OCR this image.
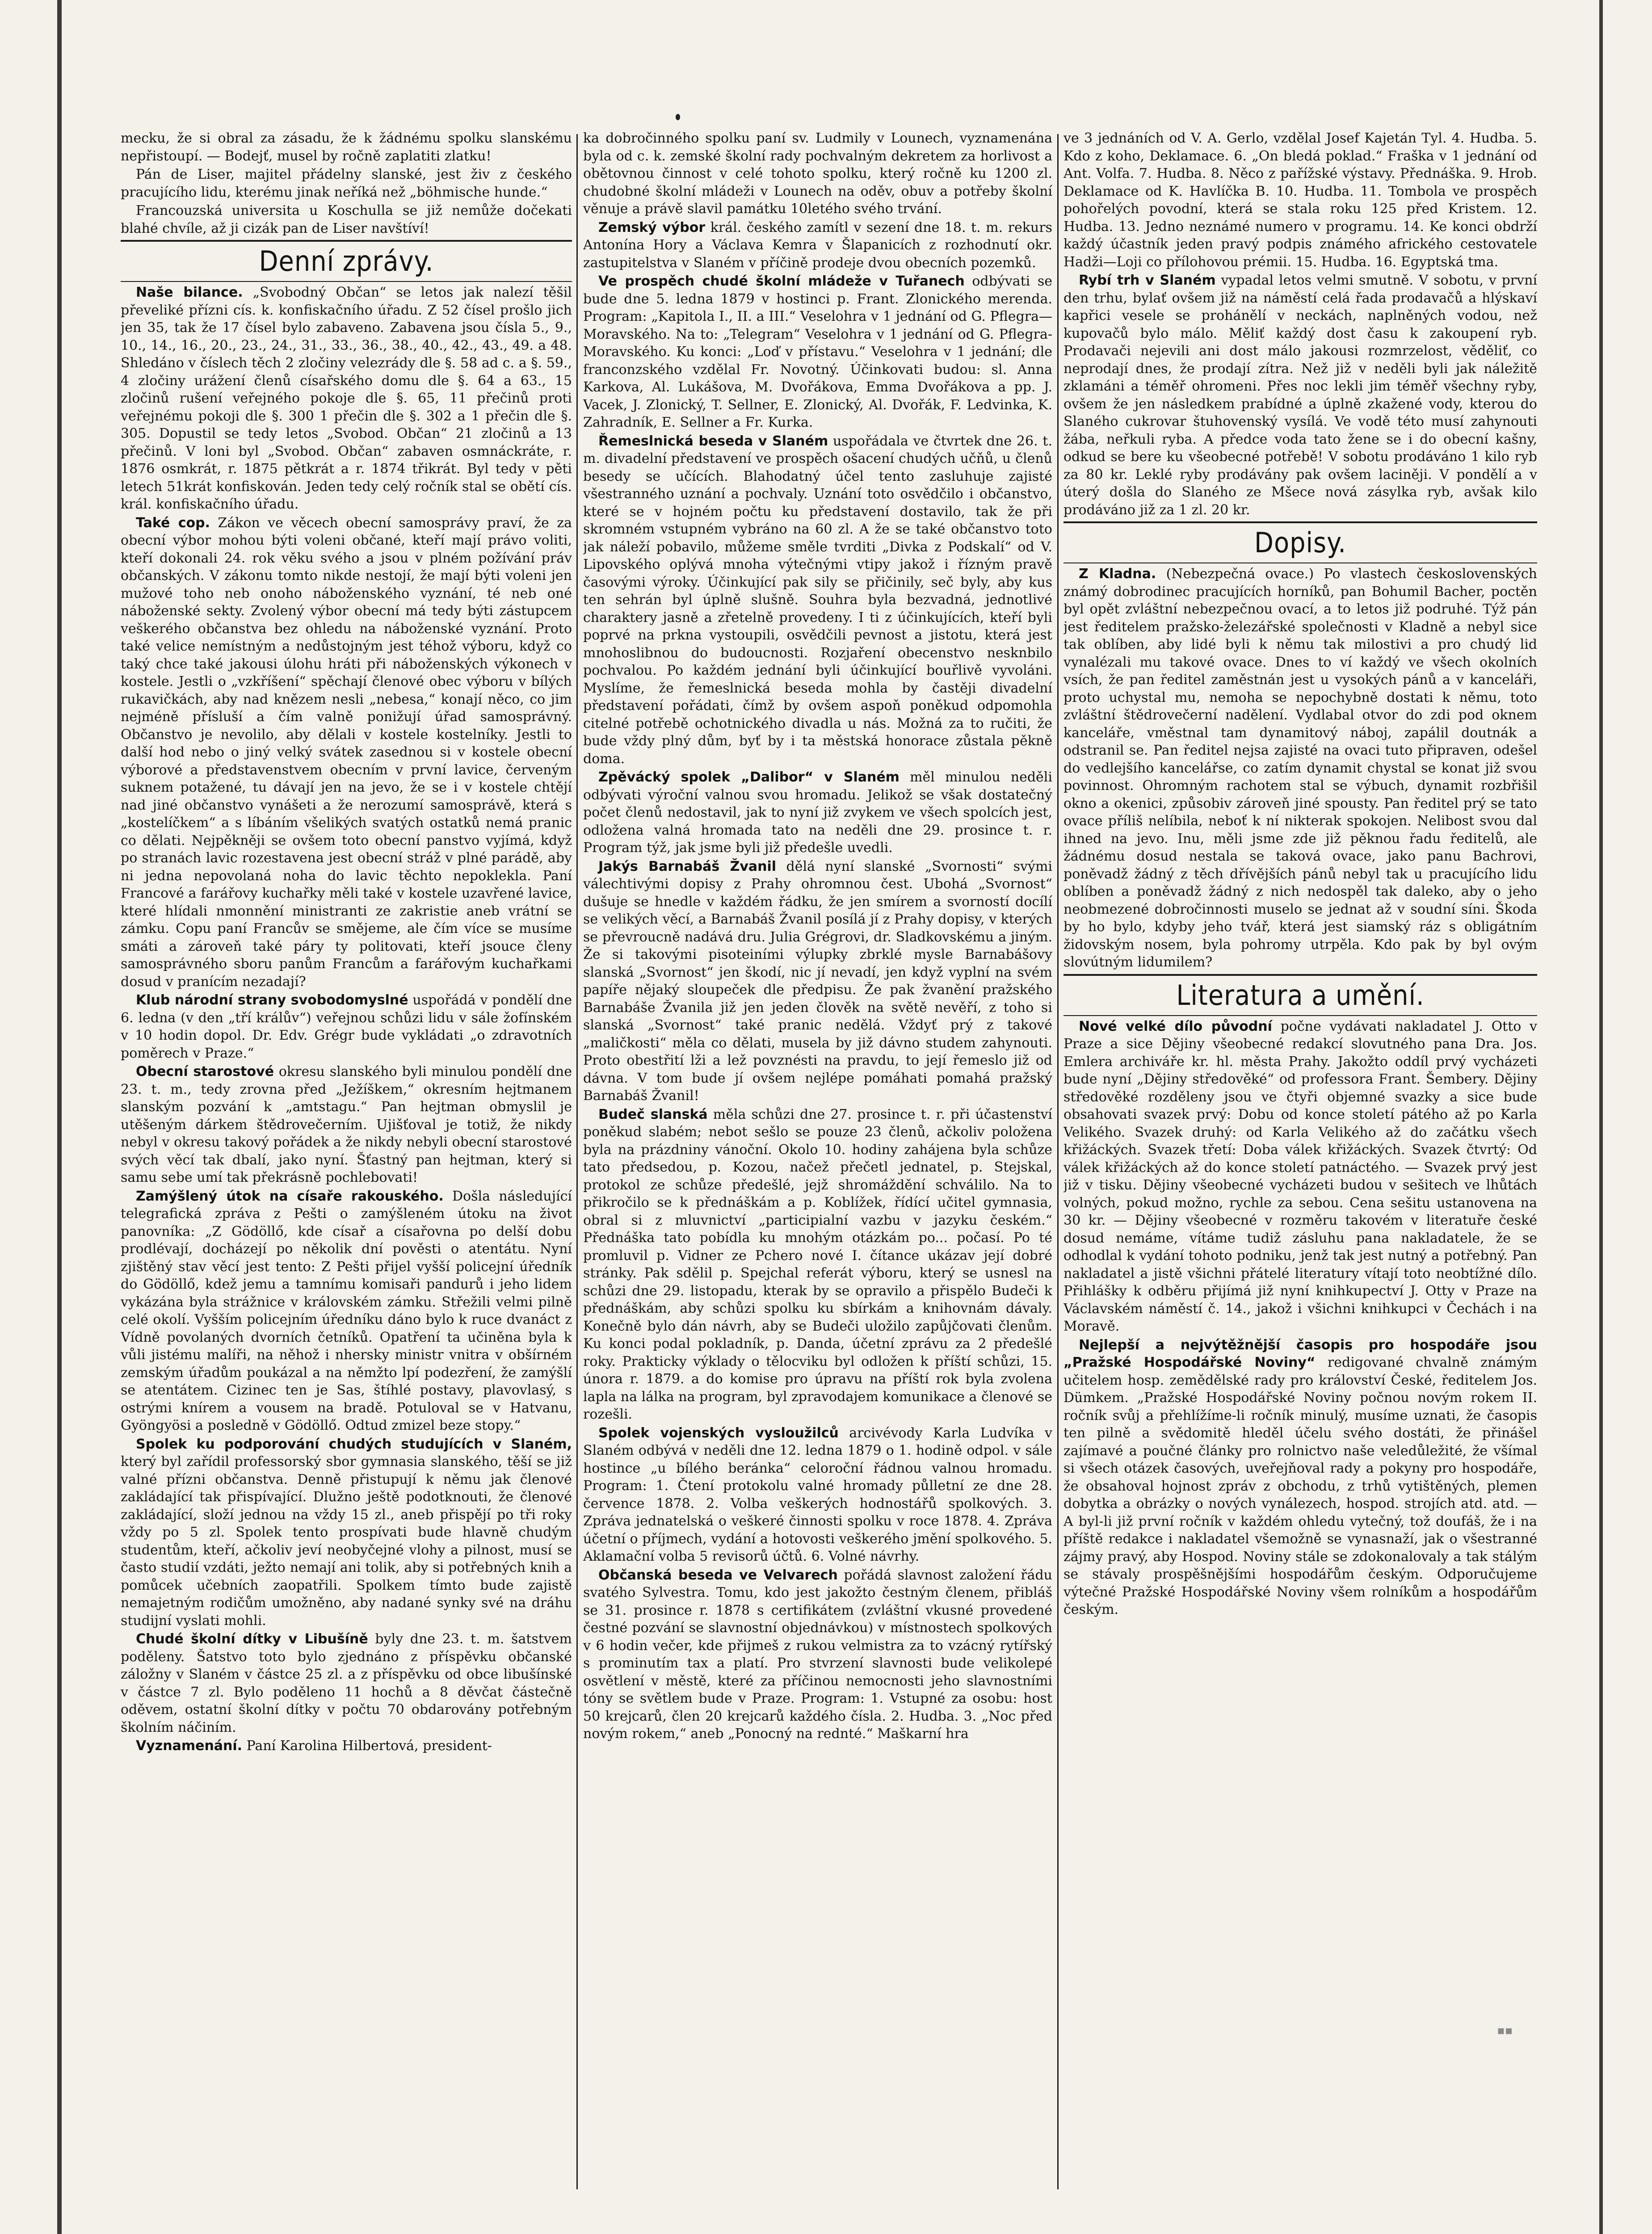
mecku, že si obral za zásadu, že k žádnému spolku slanskému nepřistoupí. — Bodejť, musel by ročně zaplatiti zlatku!

Pán de Liser, majitel přádelny slanské, jest živ z českého pracujícího lidu, kterému jinak neříká než „böhmische hunde.“

Francouzská universita u Koschulla se již nemůže dočekati blahé chvíle, až ji cizák pan de Liser navštíví!

Denní zprávy.

Naše bilance. „Svobodný Občan“ se letos jak nalezí těšil převeliké přízni cís. k. konfiskačního úřadu. Z 52 čísel prošlo jich jen 35, tak že 17 čísel bylo zabaveno. Zabavena jsou čísla 5., 9., 10., 14., 16., 20., 23., 24., 31., 33., 36., 38., 40., 42., 43., 49. a 48. Shledáno v číslech těch 2 zločiny velezrády dle §. 58 ad c. a §. 59., 4 zločiny urážení členů císařského domu dle §. 64 a 63., 15 zločinů rušení veřejného pokoje dle §. 65, 11 přečinů proti veřejnému pokoji dle §. 300 1 přečin dle §. 302 a 1 přečin dle §. 305. Dopustil se tedy letos „Svobod. Občan“ 21 zločinů a 13 přečinů. V loni byl „Svobod. Občan“ zabaven osmnáckráte, r. 1876 osmkrát, r. 1875 pětkrát a r. 1874 třikrát. Byl tedy v pěti letech 51krát konfiskován. Jeden tedy celý ročník stal se obětí cís. král. konfiskačního úřadu.

Také cop. Zákon ve věcech obecní samosprávy praví, že za obecní výbor mohou býti voleni občané, kteří mají právo voliti, kteří dokonali 24. rok věku svého a jsou v plném požívání práv občanských. V zákonu tomto nikde nestojí, že mají býti voleni jen mužové toho neb onoho náboženského vyznání, té neb oné náboženské sekty. Zvolený výbor obecní má tedy býti zástupcem veškerého občanstva bez ohledu na náboženské vyznání. Proto také velice nemístným a nedůstojným jest téhož výboru, když co taký chce také jakousi úlohu hráti při náboženských výkonech v kostele. Jestli o „vzkříšení“ spěchají členové obec výboru v bílých rukavičkách, aby nad knězem nesli „nebesa,“ konají něco, co jim nejméně přísluší a čím valně ponižují úřad samosprávný. Občanstvo je nevolilo, aby dělali v kostele kostelníky. Jestli to další hod nebo o jiný velký svátek zasednou si v kostele obecní výborové a představenstvem obecním v první lavice, červeným suknem potažené, tu dávají jen na jevo, že se i v kostele chtějí nad jiné občanstvo vynášeti a že nerozumí samosprávě, která s „kostelíčkem“ a s líbáním všelikých svatých ostatků nemá pranic co dělati. Nejpěkněji se ovšem toto obecní panstvo vyjímá, když po stranách lavic rozestavena jest obecní stráž v plné parádě, aby ni jedna nepovolaná noha do lavic těchto nepokleklа. Paní Francové a farářovy kuchařky měli také v kostele uzavřené lavice, které hlídali nmonnění ministranti ze zakristie aneb vrátní se zámku. Copu paní Francův se smějeme, ale čím více se musíme smáti a zároveň také páry ty politovati, kteří jsouce členy samosprávného sboru panům Francům a farářovým kuchařkami dosud v pranícím nezadají?

Klub národní strany svobodomyslné uspořádá v pondělí dne 6. ledna (v den „tří králův“) veřejnou schůzi lidu v sále žofínském v 10 hodin dopol. Dr. Edv. Grégr bude vykládati „o zdravotních poměrech v Praze.“

Obecní starostové okresu slanského byli minulou pondělí dne 23. t. m., tedy zrovna před „Ježíškem,“ okresním hejtmanem slanským pozvání k „amtstagu.“ Pan hejtman obmyslil je utěšeným dárkem štědrovečerním. Ujišťoval je totiž, že nikdy nebyl v okresu takový pořádek a že nikdy nebyli obecní starostové svých věcí tak dbalí, jako nyní. Šťastný pan hejtman, který si samu sebe umí tak překrásně pochlebovati!

Zamýšlený útok na císaře rakouského. Došla následující telegrafická zpráva z Pešti o zamýšleném útoku na život panovníka: „Z Gödöllő, kde císař a císařovna po delší dobu prodlévají, docházejí po několik dní pověsti o atentátu. Nyní zjištěný stav věcí jest tento: Z Pešti přijel vyšší policejní úředník do Gödöllő, kdež jemu a tamnímu komisaři pandurů i jeho lidem vykázána byla strážnice v královském zámku. Střežili velmi pilně celé okolí. Vyšším policejním úředníku dáno bylo k ruce dvanáct z Vídně povolaných dvorních četníků. Opatření ta učiněna byla k vůli jistému malíři, na něhož i nhersky ministr vnitra v obšírném zemským úřadům poukázal a na němžto lpí podezření, že zamýšlí se atentátem. Cizinec ten je Sas, štíhlé postavy, plavovlasý, s ostrými knírem a vousem na bradě. Potuloval se v Hatvanu, Gyöngyösi a posledně v Gödöllő. Odtud zmizel beze stopy.“

Spolek ku podporování chudých studujících v Slaném, který byl zařídil professorský sbor gymnasia slanského, těší se již valné přízni občanstva. Denně přistupují k němu jak členové zakládající tak přispívající. Dlužno ještě podotknouti, že členové zakládající, složí jednou na vždy 15 zl., aneb přispějí po tři roky vždy po 5 zl. Spolek tento prospívati bude hlavně chudým studentům, kteří, ačkoliv jeví neobyčejné vlohy a pilnost, musí se často studií vzdáti, ježto nemají ani tolik, aby si potřebných knih a pomůcek učebních zaopatřili. Spolkem tímto bude zajistě nemajetným rodičům umožněno, aby nadané synky své na dráhu studijní vyslati mohli.

Chudé školní dítky v Libušíně byly dne 23. t. m. šatstvem poděleny. Šatstvo toto bylo zjednáno z příspěvku občanské záložny v Slaném v částce 25 zl. a z příspěvku od obce libušínské v částce 7 zl. Bylo poděleno 11 hochů a 8 děvčat částečně oděvem, ostatní školní dítky v počtu 70 obdarovány potřebným školním náčiním.

Vyznamenání. Paní Karolina Hilbertová, president-

ka dobročinného spolku paní sv. Ludmily v Lounech, vyznamenána byla od c. k. zemské školní rady pochvalným dekretem za horlivost a obětovnou činnost v celé tohoto spolku, který ročně ku 1200 zl. chudobné školní mládeži v Lounech na oděv, obuv a potřeby školní věnuje a právě slavil památku 10letého svého trvání.

Zemský výbor král. českého zamítl v sezení dne 18. t. m. rekurs Antonína Hory a Václava Kemra v Šlapanicích z rozhodnutí okr. zastupitelstva v Slaném v příčině prodeje dvou obecních pozemků.

Ve prospěch chudé školní mládeže v Tuřanech odbývati se bude dne 5. ledna 1879 v hostinci p. Frant. Zlonického merenda. Program: „Kapitola I., II. a III.“ Veselohra v 1 jednání od G. Pflegra—Moravského. Na to: „Telegram“ Veselohra v 1 jednání od G. Pflegra-Moravského. Ku konci: „Loď v přístavu.“ Veselohra v 1 jednání; dle franconzského vzdělal Fr. Novotný. Účinkovati budou: sl. Anna Karkova, Al. Lukášova, M. Dvořákova, Emma Dvořákova a pp. J. Vacek, J. Zlonický, T. Sellner, E. Zlonický, Al. Dvořák, F. Ledvinka, K. Zahradník, E. Sellner a Fr. Kurka.

Řemeslnická beseda v Slaném uspořádala ve čtvrtek dne 26. t. m. divadelní představení ve prospěch ošacení chudých učňů, u členů besedy se učících. Blahodatný účel tento zasluhuje zajisté všestranného uznání a pochvaly. Uznání toto osvědčilo i občanstvo, které se v hojném počtu ku představení dostavilo, tak že při skromném vstupném vybráno na 60 zl. A že se také občanstvo toto jak náleží pobavilo, můžeme směle tvrditi „Divka z Podskalí“ od V. Lipovského oplývá mnoha výtečnými vtipy jakož i řízným pravě časovými výroky. Účinkující pak sily se přičinily, seč byly, aby kus ten sehrán byl úplně slušně. Souhra byla bezvadná, jednotlivé charaktery jasně a zřetelně provedeny. I ti z účinkujících, kteří byli poprvé na prkna vystoupili, osvědčili pevnost a jistotu, která jest mnohoslibnou do budoucnosti. Rozjaření obecenstvo nesknbilo pochvalou. Po každém jednání byli účinkující bouřlivě vyvoláni. Myslíme, že řemeslnická beseda mohla by častěji divadelní představení pořádati, čímž by ovšem aspoň poněkud odpomohla citelné potřebě ochotnického divadla u nás. Možná za to ručiti, že bude vždy plný dům, byť by i ta městská honorace zůstala pěkně doma.

Zpěvácký spolek „Dalibor“ v Slaném měl minulou neděli odbývati výroční valnou svou hromadu. Jelikož se však dostatečný počet členů nedostavil, jak to nyní již zvykem ve všech spolcích jest, odložena valná hromada tato na neděli dne 29. prosince t. r. Program týž, jak jsme byli již předešle uvedli.

Jakýs Barnabáš Žvanil dělá nyní slanské „Svornosti“ svými válechtivými dopisy z Prahy ohromnou čest. Ubohá „Svornost“ dušuje se hnedle v každém řádku, že jen smírem a svorností docílí se velikých věcí, a Barnabáš Žvanil posílá jí z Prahy dopisy, v kterých se převroucně nadává dru. Julia Grégrovi, dr. Sladkovskému a jiným. Že si takovými pisoteiními výlupky zbrklé mysle Barnabášovy slanská „Svornost“ jen škodí, nic jí nevadí, jen když vyplní na svém papíře nějaký sloupeček dle předpisu. Že pak žvanění pražského Barnabáše Žvanila již jen jeden člověk na světě nevěří, z toho si slanská „Svornost“ také pranic nedělá. Vždyť prý z takové „maličkosti“ měla co dělati, musela by již dávno studem zahynouti. Proto obestřití lži a lež povznésti na pravdu, to její řemeslo již od dávna. V tom bude jí ovšem nejlépe pomáhati pomahá pražský Barnabáš Žvanil!

Budeč slanská měla schůzi dne 27. prosince t. r. při účastenství poněkud slabém; nebot sešlo se pouze 23 členů, ačkoliv položena byla na prázdniny vánoční. Okolo 10. hodiny zahájena byla schůze tato předsedou, p. Kozou, načež přečetl jednatel, p. Stejskal, protokol ze schůze předešlé, jejž shromáždění schválilo. Na to přikročilo se k přednáškám a p. Koblížek, řídící učitel gymnasia, obral si z mluvnictví „participialní vazbu v jazyku českém.“ Přednáška tato pobídla ku mnohým otázkám po... počasí. Po té promluvil p. Vidner ze Pchero nové I. čítance ukázav její dobré stránky. Pak sdělil p. Spejchal referát výboru, který se usnesl na schůzi dne 29. listopadu, kterak by se opravilo a přispělo Budeči k přednáškám, aby schůzi spolku ku sbírkám a knihovnám dávaly. Konečně bylo dán návrh, aby se Budeči uložilo zapůjčovati členům. Ku konci podal pokladník, p. Danda, účetní zprávu za 2 předešlé roky. Prakticky výklady o tělocviku byl odložen k příští schůzi, 15. února r. 1879. a do komise pro úpravu na příští rok byla zvolena lapla na lálka na program, byl zpravodajem komunikace a členové se rozešli.

Spolek vojenských vysloužilců arcivévody Karla Ludvíka v Slaném odbývá v neděli dne 12. ledna 1879 o 1. hodině odpol. v sále hostince „u bílého beránka“ celoroční řádnou valnou hromadu. Program: 1. Čtení protokolu valné hromady půlletní ze dne 28. července 1878. 2. Volba veškerých hodnostářů spolkových. 3. Zpráva jednatelská o veškeré činnosti spolku v roce 1878. 4. Zpráva účetní o příjmech, vydání a hotovosti veškerého jmění spolkového. 5. Aklamační volba 5 revisorů účtů. 6. Volné návrhy.

Občanská beseda ve Velvarech pořádá slavnost založení řádu svatého Sylvestra. Tomu, kdo jest jakožto čestným členem, přibláš se 31. prosince r. 1878 s certifikátem (zvláštní vkusné provedené čestné pozvání se slavnostní objednávkou) v místnostech spolkových v 6 hodin večer, kde přijmeš z rukou velmistra za to vzácný rytířský s prominutím tax a platí. Pro stvrzení slavnosti bude velikolepé osvětlení v městě, které za příčinou nemocnosti jeho slavnostními tóny se světlem bude v Praze. Program: 1. Vstupné za osobu: host 50 krejcarů, člen 20 krejcarů každého čísla. 2. Hudba. 3. „Noc před novým rokem,“ aneb „Ponocný na rednté.“ Maškarní hra

ve 3 jednáních od V. A. Gerlo, vzdělal Josef Kajetán Tyl. 4. Hudba. 5. Kdo z koho, Deklamace. 6. „On bledá poklad.“ Fraška v 1 jednání od Ant. Volfa. 7. Hudba. 8. Něco z pařížské výstavy. Přednáška. 9. Hrob. Deklamace od K. Havlíčka B. 10. Hudba. 11. Tombola ve prospěch pohořelých povodní, která se stala roku 125 před Kristem. 12. Hudba. 13. Jedno neznámé numero v programu. 14. Ke konci obdrží každý účastník jeden pravý podpis známého afrického cestovatele Hadži—Loji co přílohovou prémii. 15. Hudba. 16. Egyptská tma.

Rybí trh v Slaném vypadal letos velmi smutně. V sobotu, v první den trhu, bylať ovšem již na náměstí celá řada prodavačů a hlýskaví kapřici vesele se prohánělí v neckách, naplněných vodou, než kupovačů bylo málo. Měliť každý dost času k zakoupení ryb. Prodavači nejevili ani dost málo jakousi rozmrzelost, věděliť, co neprodají dnes, že prodají zítra. Než již v neděli byli jak náležitě zklamáni a téměř ohromeni. Přes noc lekli jim téměř všechny ryby, ovšem že jen následkem prabídné a úplně zkažené vody, kterou do Slaného cukrovar štuhovenský vysílá. Ve vodě této musí zahynouti žába, neřkuli ryba. A předce voda tato žene se i do obecní kašny, odkud se bere ku všeobecné potřebě! V sobotu prodáváno 1 kilo ryb za 80 kr. Leklé ryby prodávány pak ovšem laciněji. V pondělí a v úterý došla do Slaného ze Mšece nová zásylka ryb, avšak kilo prodáváno již za 1 zl. 20 kr.

Dopisy.

Z Kladna. (Nebezpečná ovace.) Po vlastech československých známý dobrodinec pracujících horníků, pan Bohumil Bacher, poctěn byl opět zvláštní nebezpečnou ovací, a to letos již podruhé. Týž pán jest ředitelem pražsko-železářské společnosti v Kladně a nebyl sice tak oblíben, aby lidé byli k němu tak milostivi a pro chudý lid vynalézali mu takové ovace. Dnes to ví každý ve všech okolních vsích, že pan ředitel zaměstnán jest u vysokých pánů a v kanceláři, proto uchystal mu, nemoha se nepochybně dostati k němu, toto zvláštní štědrovečerní nadělení. Vydlabal otvor do zdi pod oknem kanceláře, vměstnal tam dynamitový náboj, zapálil doutnák a odstranil se. Pan ředitel nejsa zajisté na ovaci tuto připraven, odešel do vedlejšího kancelářse, co zatím dynamit chystal se konat již svou povinnost. Ohromným rachotem stal se výbuch, dynamit rozbřišil okno a okenici, způsobiv zároveň jiné spousty. Pan ředitel prý se tato ovace příliš nelíbila, neboť k ní nikterak spokojen. Nelibost svou dal ihned na jevo. Inu, měli jsme zde již pěknou řadu ředitelů, ale žádnému dosud nestala se taková ovace, jako panu Bachrovi, poněvadž žádný z těch dřívějších pánů nebyl tak u pracujícího lidu oblíben a poněvadž žádný z nich nedospěl tak daleko, aby o jeho neobmezené dobročinnosti muselo se jednat až v soudní síni. Škoda by ho bylo, kdyby jeho tvář, která jest siamský ráz s obligátním židovským nosem, byla pohromy utrpěla. Kdo pak by byl ovým slovútným lidumilem?

Literatura a umění.

Nové velké dílo původní počne vydávati nakladatel J. Otto v Praze a sice Dějiny všeobecné redakcí slovutného pana Dra. Jos. Emlera archiváře kr. hl. města Prahy. Jakožto oddíl prvý vycházeti bude nyní „Dějiny středověké“ od professora Frant. Šembery. Dějiny středověké rozděleny jsou ve čtyři objemné svazky a sice bude obsahovati svazek prvý: Dobu od konce století pátého až po Karla Velikého. Svazek druhý: od Karla Velikého až do začátku všech křižáckých. Svazek třetí: Doba válek křižáckých. Svazek čtvrtý: Od válek křižáckých až do konce století patnáctého. — Svazek prvý jest již v tisku. Dějiny všeobecné vycházeti budou v sešitech ve lhůtách volných, pokud možno, rychle za sebou. Cena sešitu ustanovena na 30 kr. — Dějiny všeobecné v rozměru takovém v literatuře české dosud nemáme, vítáme tudiž zásluhu pana nakladatele, že se odhodlal k vydání tohoto podniku, jenž tak jest nutný a potřebný. Pan nakladatel a jistě všichni přátelé literatury vítají toto neobtížné dílo. Přihlášky k odběru přijímá již nyní knihkupectví J. Otty v Praze na Václavském náměstí č. 14., jakož i všichni knihkupci v Čechách i na Moravě.

Nejlepší a nejvýtěžnější časopis pro hospodáře jsou „Pražské Hospodářské Noviny“ redigované chvalně známým učitelem hosp. zemědělské rady pro království České, ředitelem Jos. Dümkem. „Pražské Hospodářské Noviny počnou novým rokem II. ročník svůj a přehlížíme-li ročník minulý, musíme uznati, že časopis ten pilně a svědomitě hleděl účelu svého dostáti, že přinášel zajímavé a poučné články pro rolnictvo naše veledůležité, že všímal si všech otázek časových, uveřejňoval rady a pokyny pro hospodáře, že obsahoval hojnost zpráv z obchodu, z trhů vytištěných, plemen dobytka a obrázky o nových vynálezech, hospod. strojích atd. atd. — A byl-li již první ročník v každém ohledu vytečný, tož doufáš, že i na příště redakce i nakladatel všemožně se vynasnaží, jak o všestranné zájmy pravý, aby Hospod. Noviny stále se zdokonalovaly a tak stálým se stávaly prospěšnějšími hospodářům českým. Odporučujeme výtečné Pražské Hospodářské Noviny všem rolníkům a hospodářům českým.

▪▪
